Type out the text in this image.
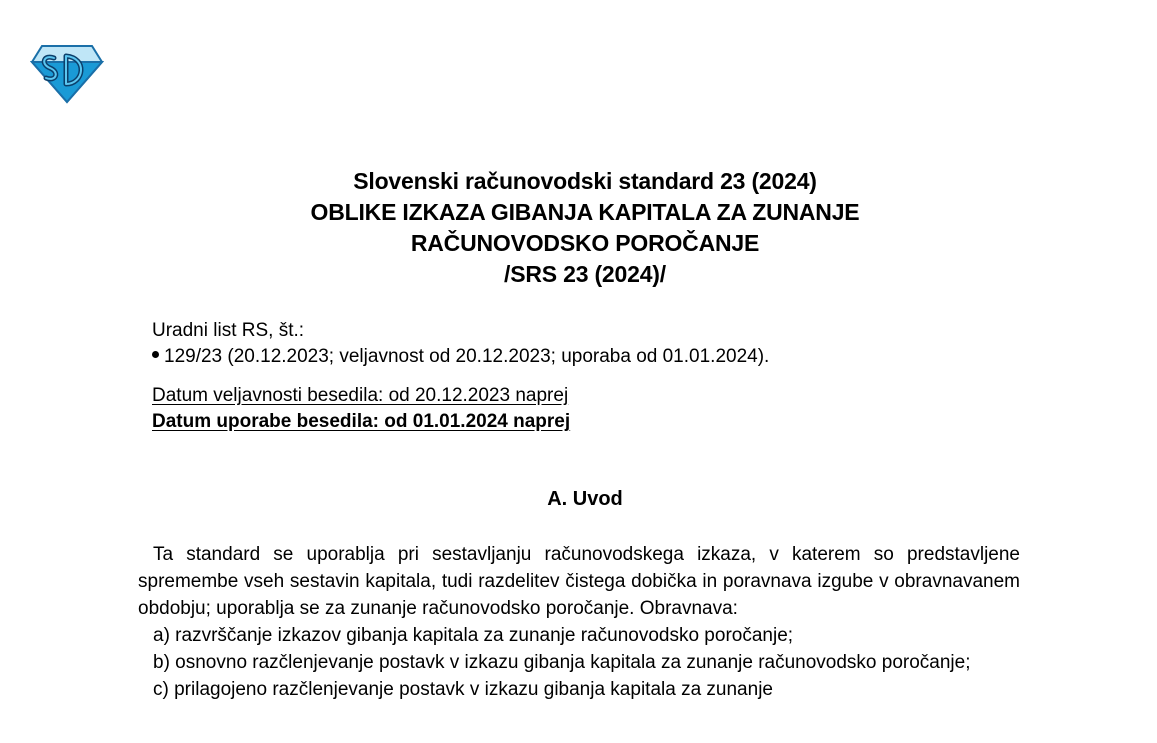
Slovenski računovodski standard 23 (2024)
OBLIKE IZKAZA GIBANJA KAPITALA ZA ZUNANJE
RAČUNOVODSKO POROČANJE
/SRS 23 (2024)/
Uradni list RS, št.:
129/23 (20.12.2023; veljavnost od 20.12.2023; uporaba od 01.01.2024).
Datum veljavnosti besedila: od 20.12.2023 naprej
Datum uporabe besedila: od 01.01.2024 naprej
A. Uvod

Ta standard se uporablja pri sestavljanju računovodskega izkaza, v katerem so predstavljene spremembe vseh sestavin kapitala, tudi razdelitev čistega dobička in poravnava izgube v obravnavanem obdobju; uporablja se za zunanje računovodsko poročanje. Obravnava:

a) razvrščanje izkazov gibanja kapitala za zunanje računovodsko poročanje;

b) osnovno razčlenjevanje postavk v izkazu gibanja kapitala za zunanje računovodsko poročanje;

c) prilagojeno razčlenjevanje postavk v izkazu gibanja kapitala za zunanje
